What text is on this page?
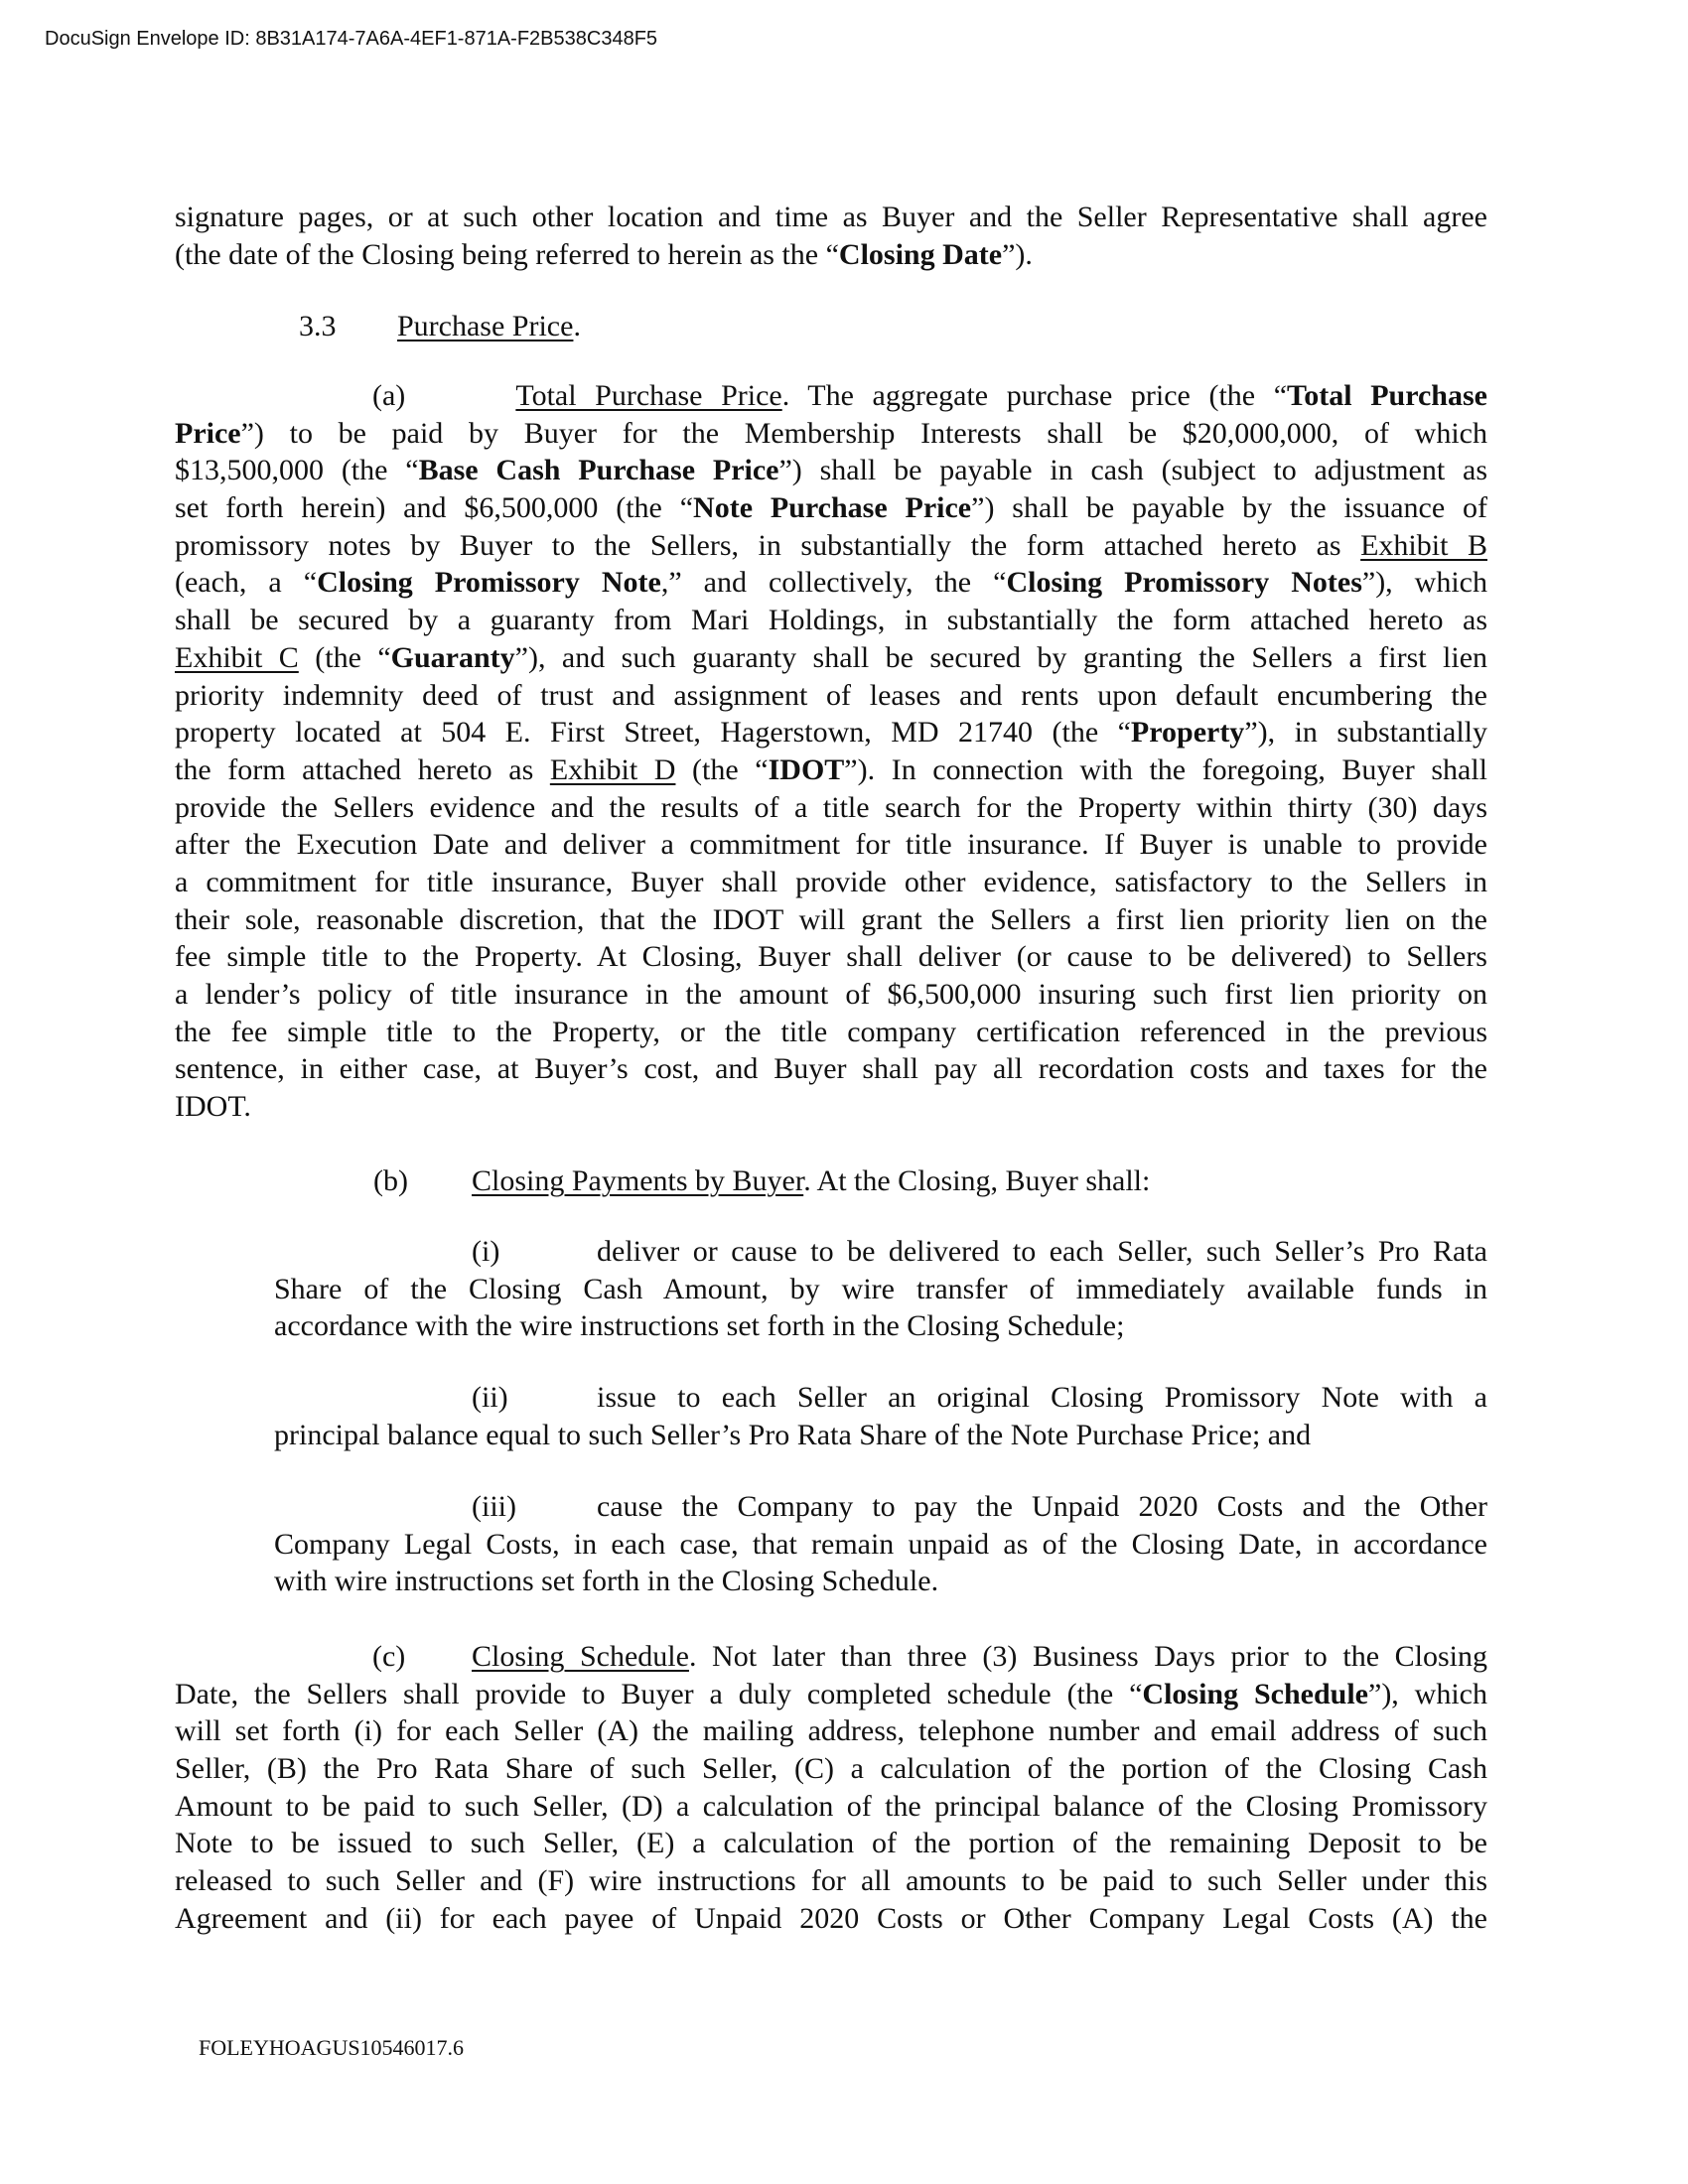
DocuSign Envelope ID: 8B31A174-7A6A-4EF1-871A-F2B538C348F5
signature pages, or at such other location and time as Buyer and the Seller Representative shall agree
(the date of the Closing being referred to herein as the “Closing Date”).
3.3 Purchase Price.
(a)	Total Purchase Price. The aggregate purchase price (the “Total Purchase
Price”) to be paid by Buyer for the Membership Interests shall be $20,000,000, of which
$13,500,000 (the “Base Cash Purchase Price”) shall be payable in cash (subject to adjustment as
set forth herein) and $6,500,000 (the “Note Purchase Price”) shall be payable by the issuance of
promissory notes by Buyer to the Sellers, in substantially the form attached hereto as Exhibit B
(each, a “Closing Promissory Note,” and collectively, the “Closing Promissory Notes”), which
shall be secured by a guaranty from Mari Holdings, in substantially the form attached hereto as
Exhibit C (the “Guaranty”), and such guaranty shall be secured by granting the Sellers a first lien
priority indemnity deed of trust and assignment of leases and rents upon default encumbering the
property located at 504 E. First Street, Hagerstown, MD 21740 (the “Property”), in substantially
the form attached hereto as Exhibit D (the “IDOT”). In connection with the foregoing, Buyer shall
provide the Sellers evidence and the results of a title search for the Property within thirty (30) days
after the Execution Date and deliver a commitment for title insurance. If Buyer is unable to provide
a commitment for title insurance, Buyer shall provide other evidence, satisfactory to the Sellers in
their sole, reasonable discretion, that the IDOT will grant the Sellers a first lien priority lien on the
fee simple title to the Property. At Closing, Buyer shall deliver (or cause to be delivered) to Sellers
a lender’s policy of title insurance in the amount of $6,500,000 insuring such first lien priority on
the fee simple title to the Property, or the title company certification referenced in the previous
sentence, in either case, at Buyer’s cost, and Buyer shall pay all recordation costs and taxes for the
IDOT.
(b) Closing Payments by Buyer. At the Closing, Buyer shall:
(i)	deliver or cause to be delivered to each Seller, such Seller’s Pro Rata
Share of the Closing Cash Amount, by wire transfer of immediately available funds in
accordance with the wire instructions set forth in the Closing Schedule;
(ii)	issue to each Seller an original Closing Promissory Note with a
principal balance equal to such Seller’s Pro Rata Share of the Note Purchase Price; and
(iii)	cause the Company to pay the Unpaid 2020 Costs and the Other
Company Legal Costs, in each case, that remain unpaid as of the Closing Date, in accordance
with wire instructions set forth in the Closing Schedule.
(c) Closing Schedule. Not later than three (3) Business Days prior to the Closing
Date, the Sellers shall provide to Buyer a duly completed schedule (the “Closing Schedule”), which
will set forth (i) for each Seller (A) the mailing address, telephone number and email address of such
Seller, (B) the Pro Rata Share of such Seller, (C) a calculation of the portion of the Closing Cash
Amount to be paid to such Seller, (D) a calculation of the principal balance of the Closing Promissory
Note to be issued to such Seller, (E) a calculation of the portion of the remaining Deposit to be
released to such Seller and (F) wire instructions for all amounts to be paid to such Seller under this
Agreement and (ii) for each payee of Unpaid 2020 Costs or Other Company Legal Costs (A) the
FOLEYHOAGUS10546017.6
